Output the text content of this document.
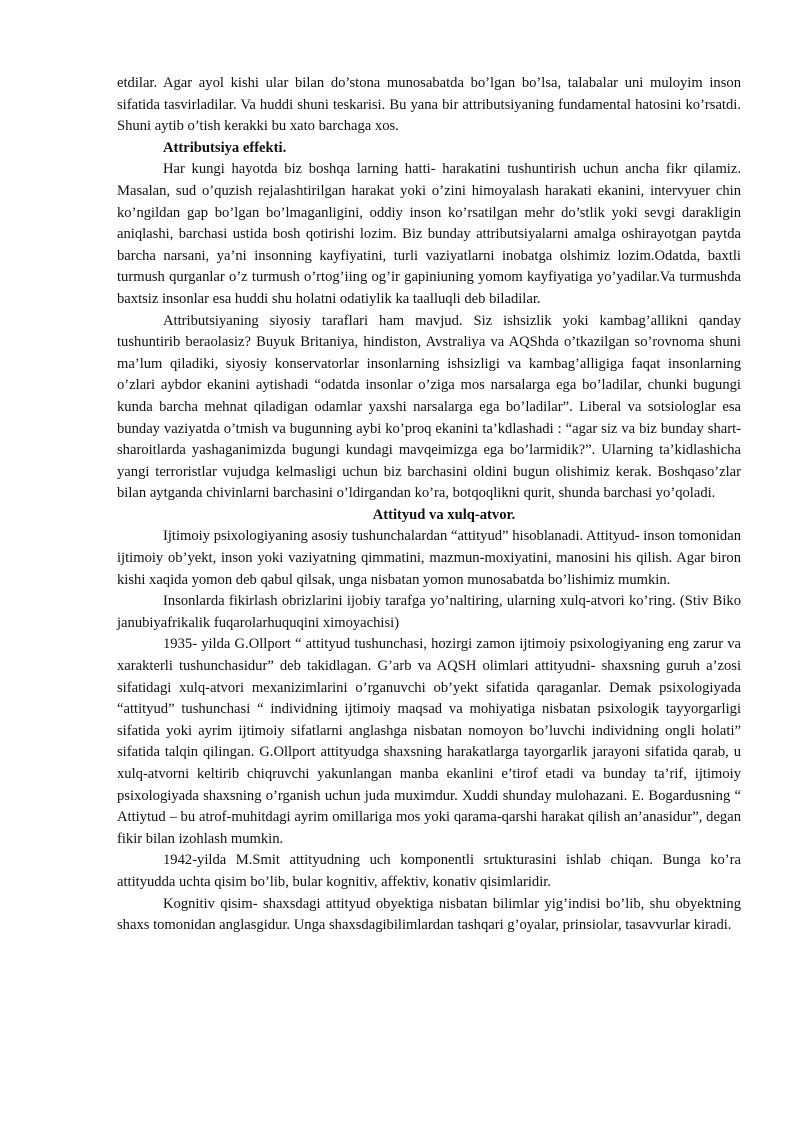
etdilar. Agar ayol kishi ular bilan do’stona munosabatda bo’lgan bo’lsa, talabalar uni muloyim inson sifatida tasvirladilar. Va huddi shuni teskarisi. Bu yana bir attributsiyaning fundamental hatosini ko’rsatdi. Shuni aytib o’tish kerakki bu xato barchaga xos.

Attributsiya effekti.

Har kungi hayotda biz boshqa larning hatti- harakatini tushuntirish uchun ancha fikr qilamiz. Masalan, sud o’quzish rejalashtirilgan harakat yoki o’zini himoyalash harakati ekanini, intervyuer chin ko’ngildan gap bo’lgan bo’lmaganligini, oddiy inson ko’rsatilgan mehr do’stlik yoki sevgi darakligin aniqlashi, barchasi ustida bosh qotirishi lozim. Biz bunday attributsiyalarni amalga oshirayotgan paytda barcha narsani, ya’ni insonning kayfiyatini, turli vaziyatlarni inobatga olshimiz lozim.Odatda, baxtli turmush qurganlar o’z turmush o’rtog’iing og’ir gapiniuning yomom kayfiyatiga yo’yadilar.Va turmushda baxtsiz insonlar esa huddi shu holatni odatiylik ka taalluqli deb biladilar.

Attributsiyaning siyosiy taraflari ham mavjud. Siz ishsizlik yoki kambag’allikni qanday tushuntirib beraolasiz? Buyuk Britaniya, hindiston, Avstraliya va AQShda o’tkazilgan so’rovnoma shuni ma’lum qiladiki, siyosiy konservatorlar insonlarning ishsizligi va kambag’alligiga faqat insonlarning o’zlari aybdor ekanini aytishadi “odatda insonlar o’ziga mos narsalarga ega bo’ladilar, chunki bugungi kunda barcha mehnat qiladigan odamlar yaxshi narsalarga ega bo’ladilar”. Liberal va sotsiologlar esa bunday vaziyatda o’tmish va bugunning aybi ko’proq ekanini ta’kdlashadi : “agar siz va biz bunday shart-sharoitlarda yashaganimizda bugungi kundagi mavqeimizga ega bo’larmidik?”. Ularning ta’kidlashicha yangi terroristlar vujudga kelmasligi uchun biz barchasini oldini bugun olishimiz kerak. Boshqaso’zlar bilan aytganda chivinlarni barchasini o’ldirgandan ko’ra, botqoqlikni qurit, shunda barchasi yo’qoladi.

Attityud va xulq-atvor.

Ijtimoiy psixologiyaning asosiy tushunchalardan “attityud” hisoblanadi. Attityud- inson tomonidan ijtimoiy ob’yekt, inson yoki vaziyatning qimmatini, mazmun-moxiyatini, manosini his qilish. Agar biron kishi xaqida yomon deb qabul qilsak, unga nisbatan yomon munosabatda bo’lishimiz mumkin.

Insonlarda fikirlash obrizlarini ijobiy tarafga yo’naltiring, ularning xulq-atvori ko’ring. (Stiv Biko janubiyafrikalik fuqarolarhuquqini ximoyachisi)

1935- yilda G.Ollport “ attityud tushunchasi, hozirgi zamon ijtimoiy psixologiyaning eng zarur va xarakterli tushunchasidur” deb takidlagan. G’arb va AQSH olimlari attityudni- shaxsning guruh a’zosi sifatidagi xulq-atvori mexanizimlarini o’rganuvchi ob’yekt sifatida qaraganlar. Demak psixologiyada “attityud” tushunchasi “ individning ijtimoiy maqsad va mohiyatiga nisbatan psixologik tayyorgarligi sifatida yoki ayrim ijtimoiy sifatlarni anglashga nisbatan nomoyon bo’luvchi individning ongli holati” sifatida talqin qilingan. G.Ollport attityudga shaxsning harakatlarga tayorgarlik jarayoni sifatida qarab, u xulq-atvorni keltirib chiqruvchi yakunlangan manba ekanlini e’tirof etadi va bunday ta’rif, ijtimoiy psixologiyada shaxsning o’rganish uchun juda muximdur. Xuddi shunday mulohazani. E. Bogardusning “ Attiytud – bu atrof-muhitdagi ayrim omillariga mos yoki qarama-qarshi harakat qilish an’anasidur”, degan fikir bilan izohlash mumkin.

1942-yilda M.Smit attityudning uch komponentli srtukturasini ishlab chiqan. Bunga ko’ra attityudda uchta qisim bo’lib, bular kognitiv, affektiv, konativ qisimlaridir.

Kognitiv qisim- shaxsdagi attityud obyektiga nisbatan bilimlar yig’indisi bo’lib, shu obyektning shaxs tomonidan anglasgidur. Unga shaxsdagibilimlardan tashqari g’oyalar, prinsiolar, tasavvurlar kiradi.
